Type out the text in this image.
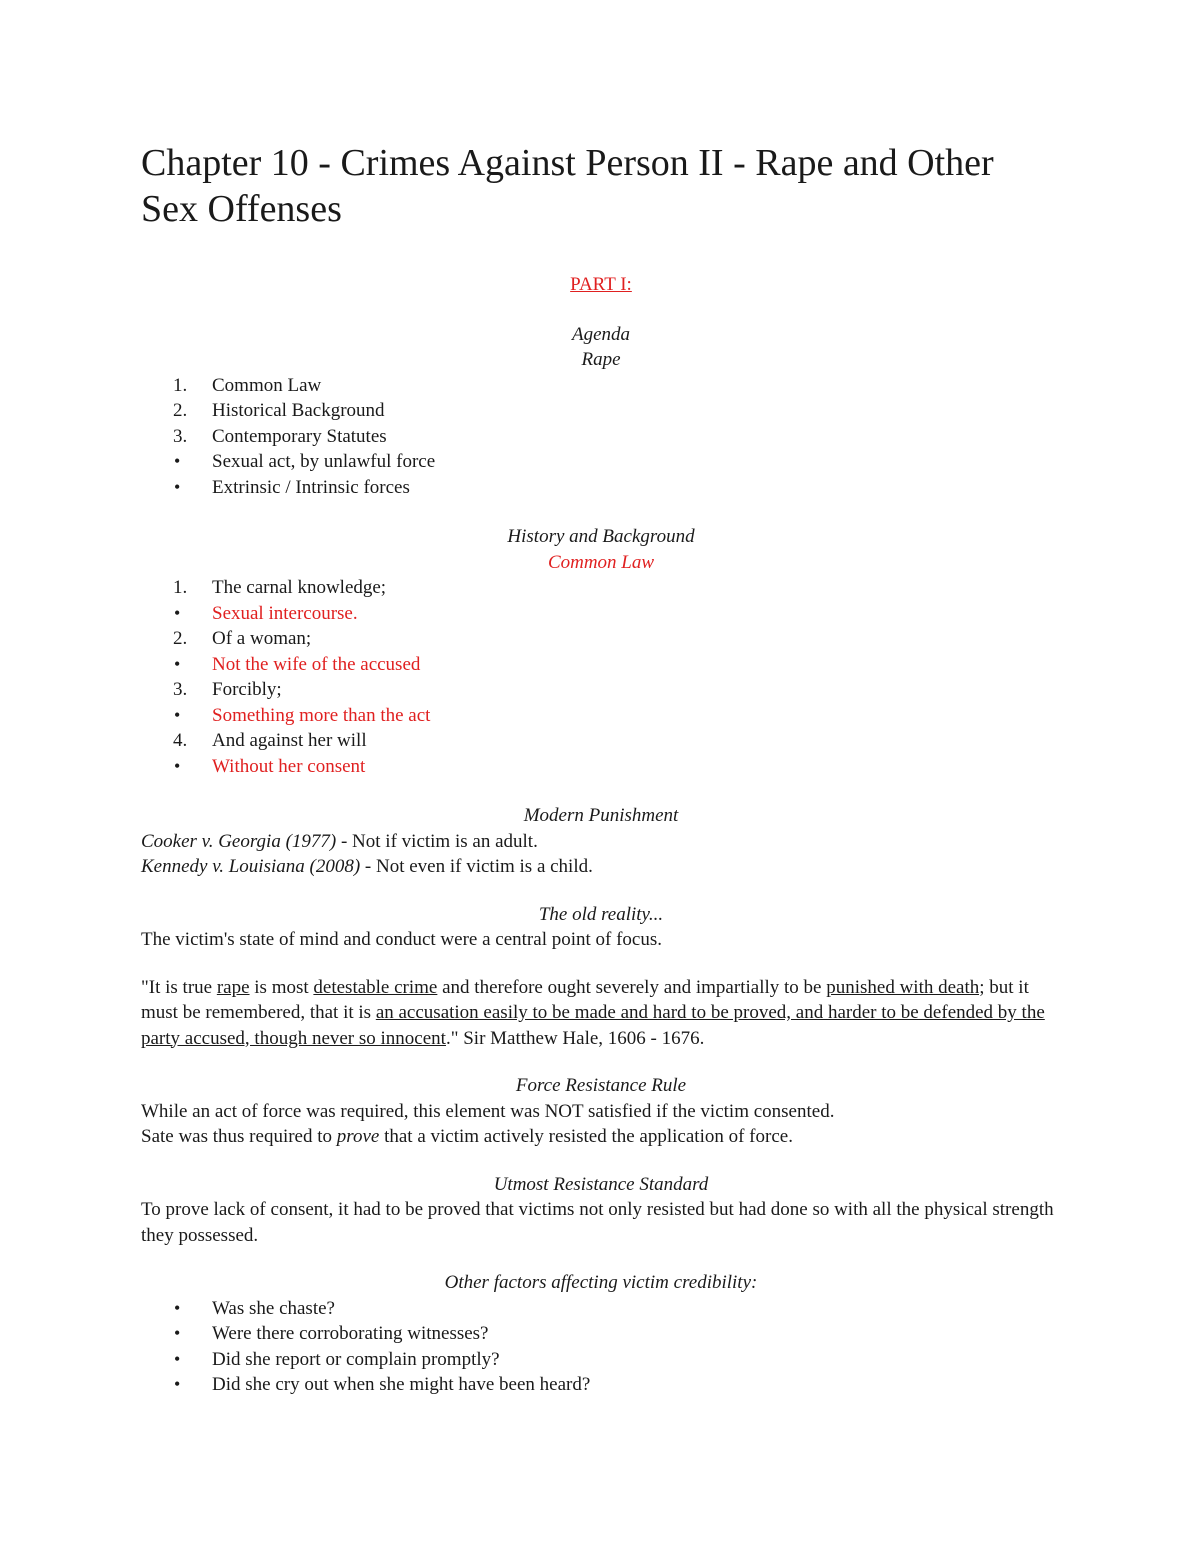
Chapter 10 - Crimes Against Person II - Rape and Other
Sex Offenses

PART I:

Agenda

Rape

1.	Common Law
2.	Historical Background
3.	Contemporary Statutes
•	Sexual act, by unlawful force
•	Extrinsic / Intrinsic forces

History and Background

Common Law

1.	The carnal knowledge;
•	Sexual intercourse.
2.	Of a woman;
•	Not the wife of the accused
3.	Forcibly;
•	Something more than the act
4.	And against her will
•	Without her consent

Modern Punishment

Cooker v. Georgia (1977) - Not if victim is an adult.

Kennedy v. Louisiana (2008) - Not even if victim is a child.

The old reality...

The victim's state of mind and conduct were a central point of focus.

"It is true rape is most detestable crime and therefore ought severely and impartially to be punished with death; but it must be remembered, that it is an accusation easily to be made and hard to be proved, and harder to be defended by the party accused, though never so innocent." Sir Matthew Hale, 1606 - 1676.

Force Resistance Rule

While an act of force was required, this element was NOT satisfied if the victim consented.

Sate was thus required to prove that a victim actively resisted the application of force.

Utmost Resistance Standard

To prove lack of consent, it had to be proved that victims not only resisted but had done so with all the physical strength they possessed.

Other factors affecting victim credibility:

•	Was she chaste?
•	Were there corroborating witnesses?
•	Did she report or complain promptly?
•	Did she cry out when she might have been heard?
